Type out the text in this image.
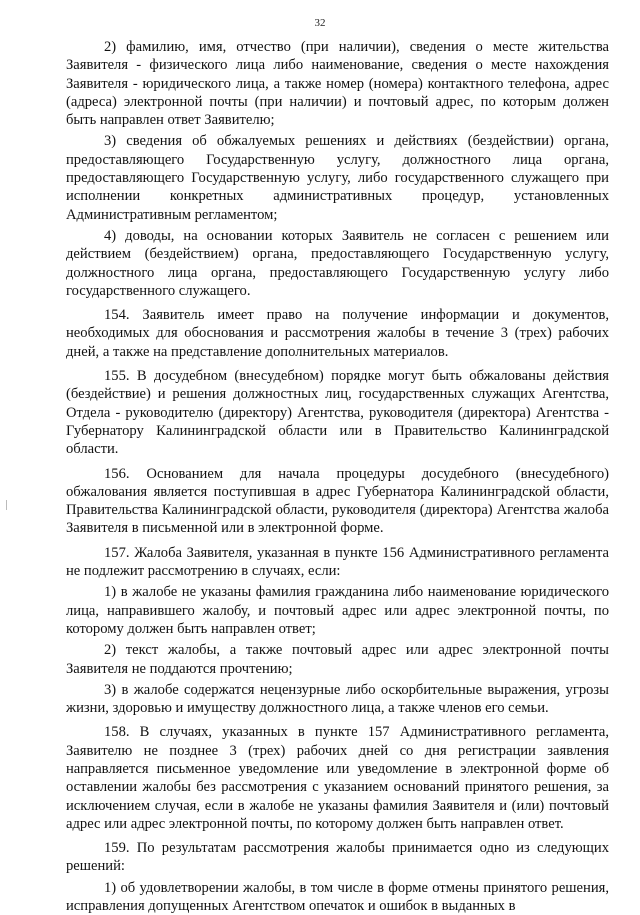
32

2) фамилию, имя, отчество (при наличии), сведения о месте жительства Заявителя - физического лица либо наименование, сведения о месте нахождения Заявителя - юридического лица, а также номер (номера) контактного телефона, адрес (адреса) электронной почты (при наличии) и почтовый адрес, по которым должен быть направлен ответ Заявителю;

3) сведения об обжалуемых решениях и действиях (бездействии) органа, предоставляющего Государственную услугу, должностного лица органа, предоставляющего Государственную услугу, либо государственного служащего при исполнении конкретных административных процедур, установленных Административным регламентом;

4) доводы, на основании которых Заявитель не согласен с решением или действием (бездействием) органа, предоставляющего Государственную услугу, должностного лица органа, предоставляющего Государственную услугу либо государственного служащего.

154. Заявитель имеет право на получение информации и документов, необходимых для обоснования и рассмотрения жалобы в течение 3 (трех) рабочих дней, а также на представление дополнительных материалов.

155. В досудебном (внесудебном) порядке могут быть обжалованы действия (бездействие) и решения должностных лиц, государственных служащих Агентства, Отдела - руководителю (директору) Агентства, руководителя (директора) Агентства - Губернатору Калининградской области или в Правительство Калининградской области.

156. Основанием для начала процедуры досудебного (внесудебного) обжалования является поступившая в адрес Губернатора Калининградской области, Правительства Калининградской области, руководителя (директора) Агентства жалоба Заявителя в письменной или в электронной форме.

157. Жалоба Заявителя, указанная в пункте 156 Административного регламента не подлежит рассмотрению в случаях, если:

1) в жалобе не указаны фамилия гражданина либо наименование юридического лица, направившего жалобу, и почтовый адрес или адрес электронной почты, по которому должен быть направлен ответ;

2) текст жалобы, а также почтовый адрес или адрес электронной почты Заявителя не поддаются прочтению;

3) в жалобе содержатся нецензурные либо оскорбительные выражения, угрозы жизни, здоровью и имуществу должностного лица, а также членов его семьи.

158. В случаях, указанных в пункте 157 Административного регламента, Заявителю не позднее 3 (трех) рабочих дней со дня регистрации заявления направляется письменное уведомление или уведомление в электронной форме об оставлении жалобы без рассмотрения с указанием оснований принятого решения, за исключением случая, если в жалобе не указаны фамилия Заявителя и (или) почтовый адрес или адрес электронной почты, по которому должен быть направлен ответ.

159. По результатам рассмотрения жалобы принимается одно из следующих решений:

1) об удовлетворении жалобы, в том числе в форме отмены принятого решения, исправления допущенных Агентством опечаток и ошибок в выданных в
